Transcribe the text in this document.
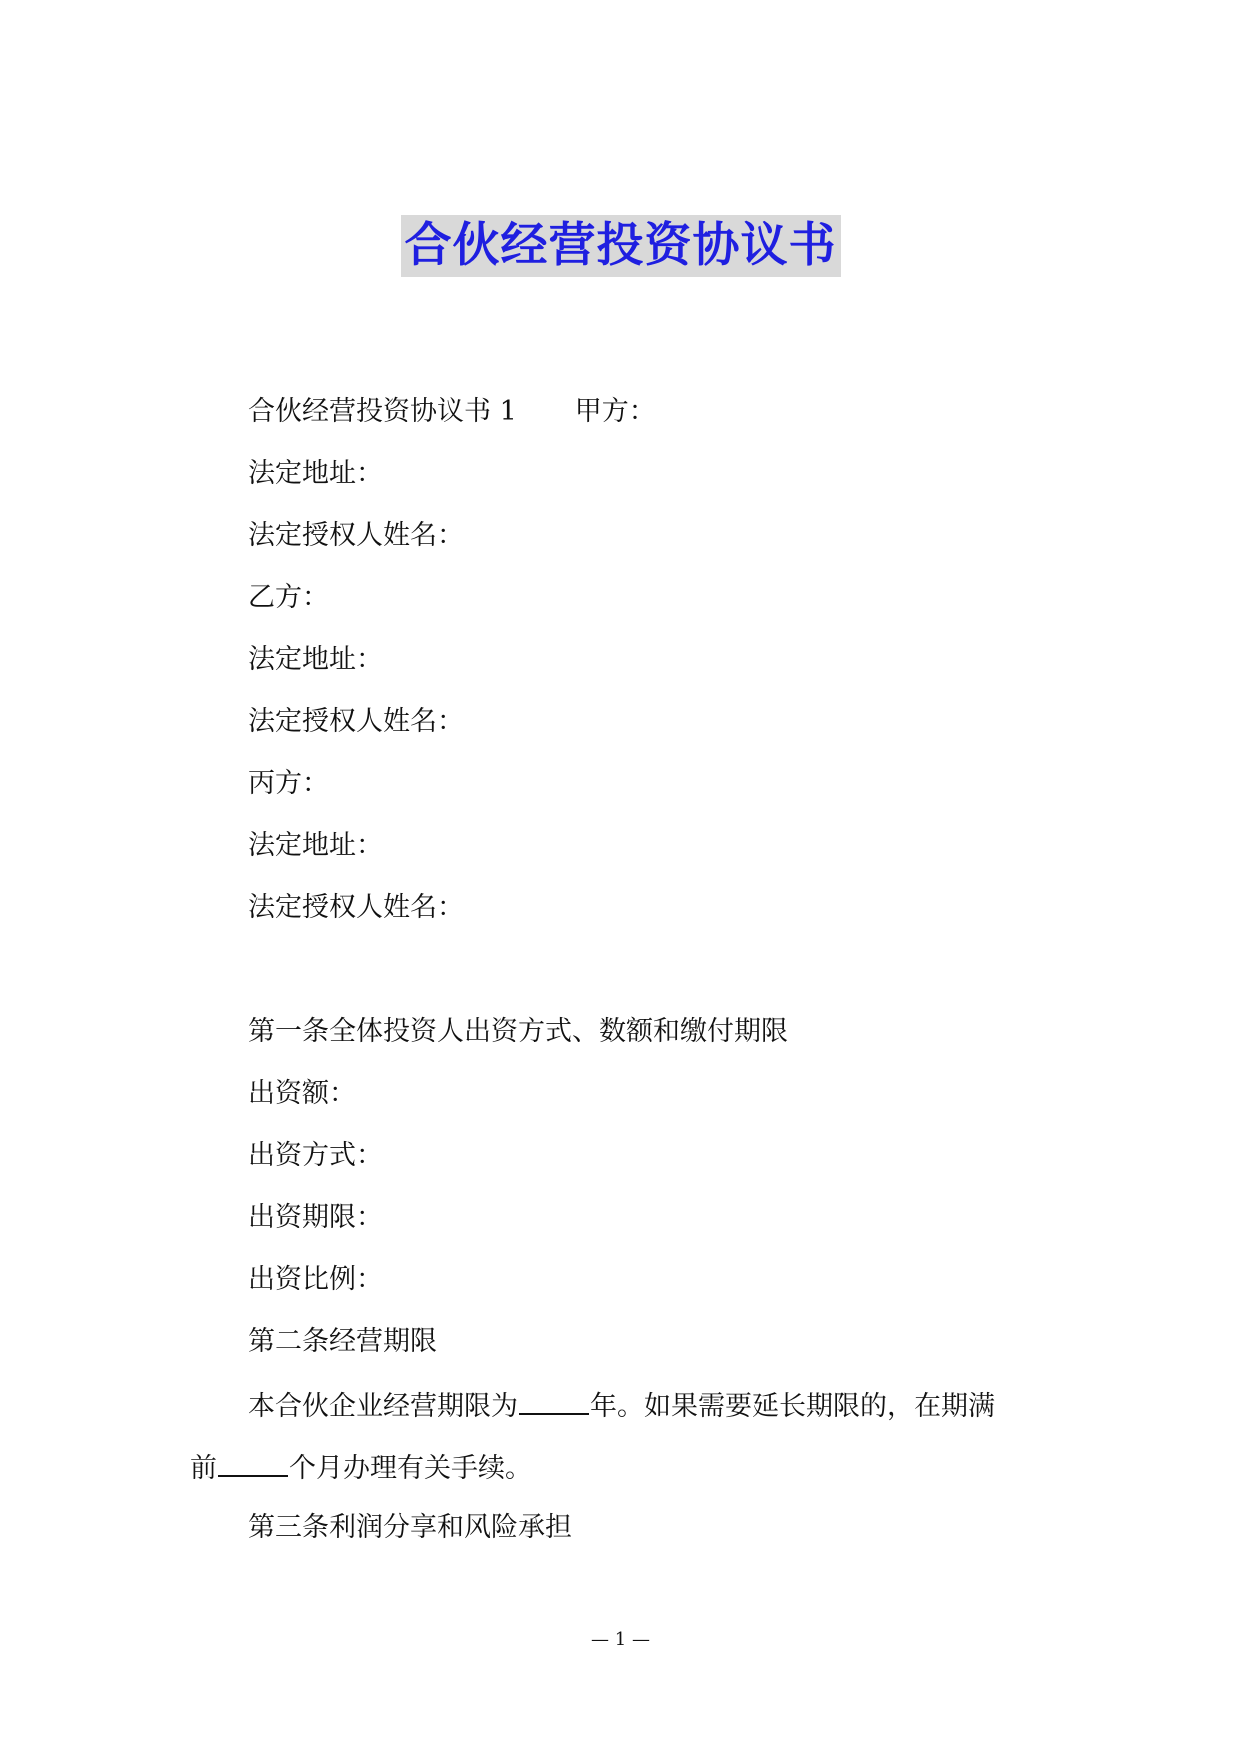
合伙经营投资协议书
合伙经营投资协议书 1 甲方：
法定地址：
法定授权人姓名：
乙方：
法定地址：
法定授权人姓名：
丙方：
法定地址：
法定授权人姓名：
第一条全体投资人出资方式、数额和缴付期限
出资额：
出资方式：
出资期限：
出资比例：
第二条经营期限
本合伙企业经营期限为	年。如果需要延长期限的，在期满
前	个月办理有关手续。
第三条利润分享和风险承担
— 1 —
